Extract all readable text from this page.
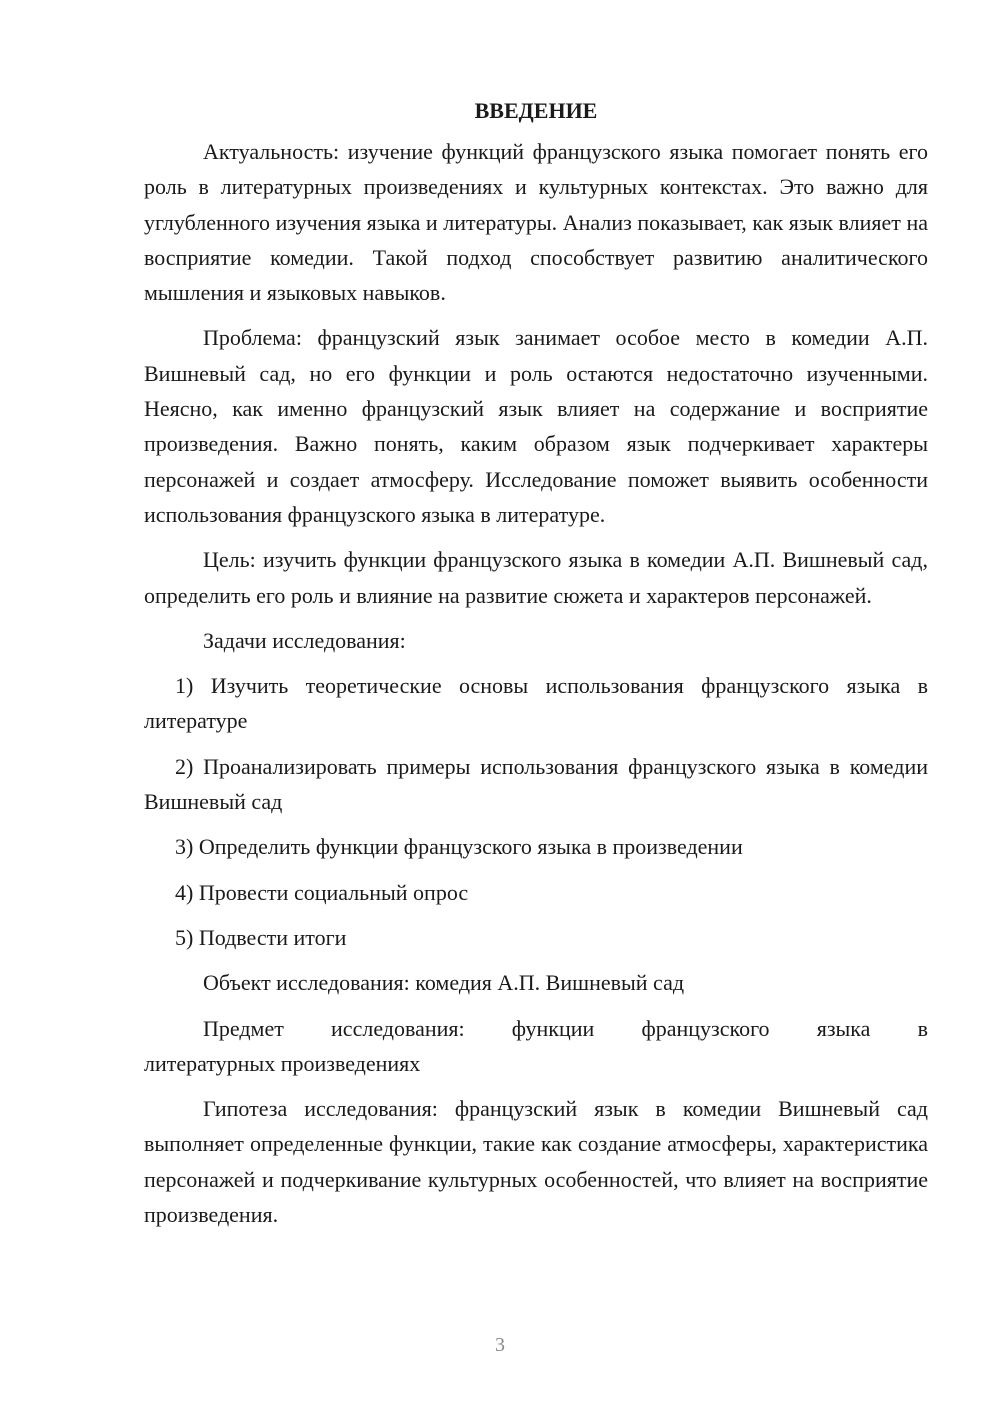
ВВЕДЕНИЕ

Актуальность: изучение функций французского языка помогает понять его роль в литературных произведениях и культурных контекстах. Это важно для углубленного изучения языка и литературы. Анализ показывает, как язык влияет на восприятие комедии. Такой подход способствует развитию аналитического мышления и языковых навыков.

Проблема: французский язык занимает особое место в комедии А.П. Вишневый сад, но его функции и роль остаются недостаточно изученными. Неясно, как именно французский язык влияет на содержание и восприятие произведения. Важно понять, каким образом язык подчеркивает характеры персонажей и создает атмосферу. Исследование поможет выявить особенности использования французского языка в литературе.

Цель: изучить функции французского языка в комедии А.П. Вишневый сад, определить его роль и влияние на развитие сюжета и характеров персонажей.

Задачи исследования:

1) Изучить теоретические основы использования французского языка в литературе

2) Проанализировать примеры использования французского языка в комедии Вишневый сад

3) Определить функции французского языка в произведении

4) Провести социальный опрос

5) Подвести итоги

Объект исследования: комедия А.П. Вишневый сад

Предмет исследования: функции французского языка в
литературных произведениях

Гипотеза исследования: французский язык в комедии Вишневый сад выполняет определенные функции, такие как создание атмосферы, характеристика персонажей и подчеркивание культурных особенностей, что влияет на восприятие произведения.

3
